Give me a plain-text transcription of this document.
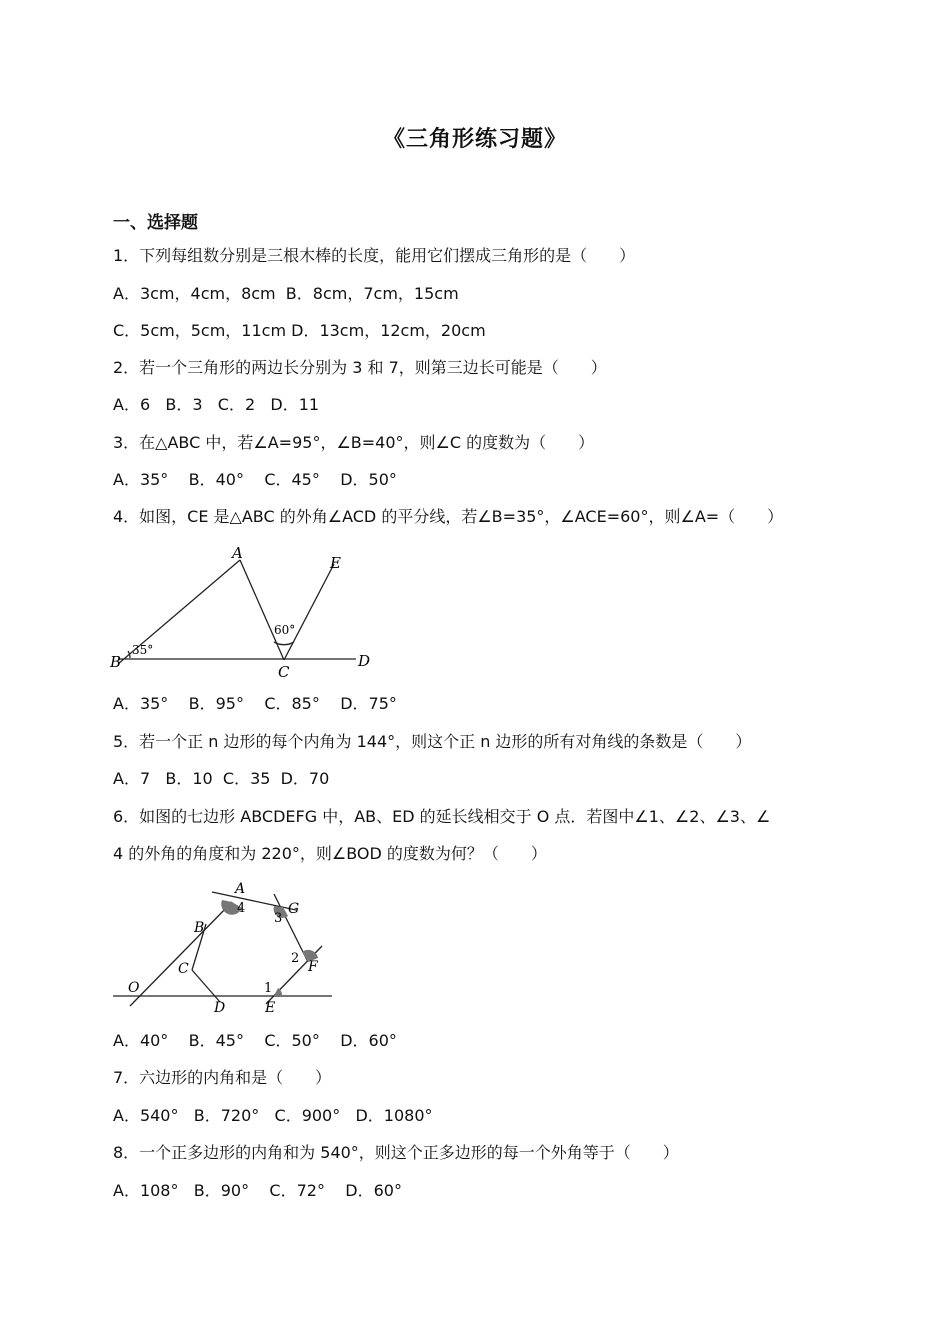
《三角形练习题》
一、选择题
1．下列每组数分别是三根木棒的长度，能用它们摆成三角形的是（　　）
A．3cm，4cm，8cm  B．8cm，7cm，15cm
C．5cm，5cm，11cm D．13cm，12cm，20cm
2．若一个三角形的两边长分别为 3 和 7，则第三边长可能是（　　）
A．6   B．3   C．2   D．11
3．在△ABC 中，若∠A=95°，∠B=40°，则∠C 的度数为（　　）
A．35°    B．40°    C．45°    D．50°
4．如图，CE 是△ABC 的外角∠ACD 的平分线，若∠B=35°，∠ACE=60°，则∠A=（　　）
A
E
B
C
D
35°
60°
A．35°    B．95°    C．85°    D．75°
5．若一个正 n 边形的每个内角为 144°，则这个正 n 边形的所有对角线的条数是（　　）
A．7   B．10  C．35  D．70
6．如图的七边形 ABCDEFG 中，AB、ED 的延长线相交于 O 点．若图中∠1、∠2、∠3、∠
4 的外角的角度和为 220°，则∠BOD 的度数为何？（　　）
A
4
3
G
B
C
2
F
O	1
D	E
A．40°    B．45°    C．50°    D．60°
7．六边形的内角和是（　　）
A．540°   B．720°   C．900°   D．1080°
8．一个正多边形的内角和为 540°，则这个正多边形的每一个外角等于（　　）
A．108°   B．90°    C．72°    D．60°
